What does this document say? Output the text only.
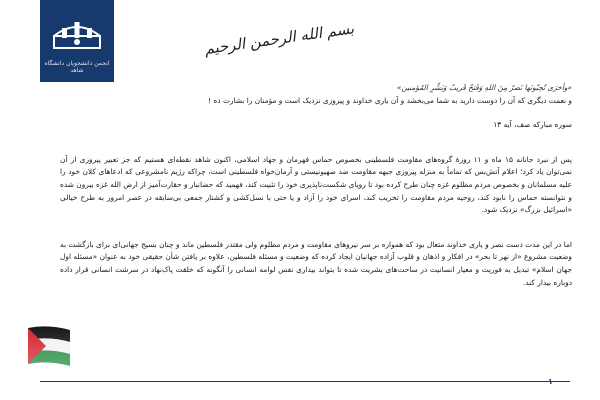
انجمن دانشجویان دانشگاه شاهد
بسم الله الرحمن الرحیم

«وأخرَی تُحِبّونَها نَصرٌ مِنَ اللهِ وَفَتحٌ قَریبٌ وَبَشِّرِ المُؤمنین»

و نعمت دیگری که آن را دوست دارید به شما می‌بخشد و آن یاری خداوند و پیروزی نزدیک است و مؤمنان را بشارت ده !

سوره مبارکه صف، آیه ۱۳

پس از نبرد جانانه ۱۵ ماه و ۱۱ روزهٔ گروه‌های مقاومت فلسطینی بخصوص حماس قهرمان و جهاد اسلامی، اکنون شاهد نقطه‌ای هستیم که جز تعبیر پیروزی از آن نمی‌توان یاد کرد؛ اعلام آتش‌بس که تماماً به منزله پیروزی جبهه مقاومت ضد صهیونیستی و آرمان‌خواه فلسطینی است، چراکه رژیم نامشروعی که ادعاهای کلان خود را علیه مسلمانان و بخصوص مردم مظلوم غزه چنان طرح کرده بود تا رویای شکست‌ناپذیری خود را تثبیت کند، فهمید که حضانبار و حقارت‌آمیز از ارض الله غزه بیرون شده و نتوانسته حماس را نابود کند، روحیه مردم مقاومت را تخریب کند، اسرای خود را آزاد و یا حتی با نسل‌کشی و کشتار جمعی بی‌سابقه در عصر امروز به طرح خیالی «اسرائیل بزرگ» نزدیک شود.

اما در این مدت دست نصر و یاری خداوند متعال بود که همواره بر سر نیروهای مقاومت و مردم مظلوم ولی مقتدر فلسطین ماند و چنان بسیج جهانی‌ای برای بازگشت به وضعیت مشروع «از نهر تا بحر» در افکار و اذهان و قلوب آزاده جهانیان ایجاد کرده که وضعیت و مسئله فلسطین، علاوه بر یافتن شأن حقیقی خود به عنوان «مسئله اول جهان اسلام» تبدیل به فوریت و معیار انسانیت در ساحت‌های بشریت شده تا بتواند بیداری نفس لوامه انسانی را آنگونه که خلقت پاک‌نهاد در سرشت انسانی قرار داده دوباره بیدار کند.

۱
